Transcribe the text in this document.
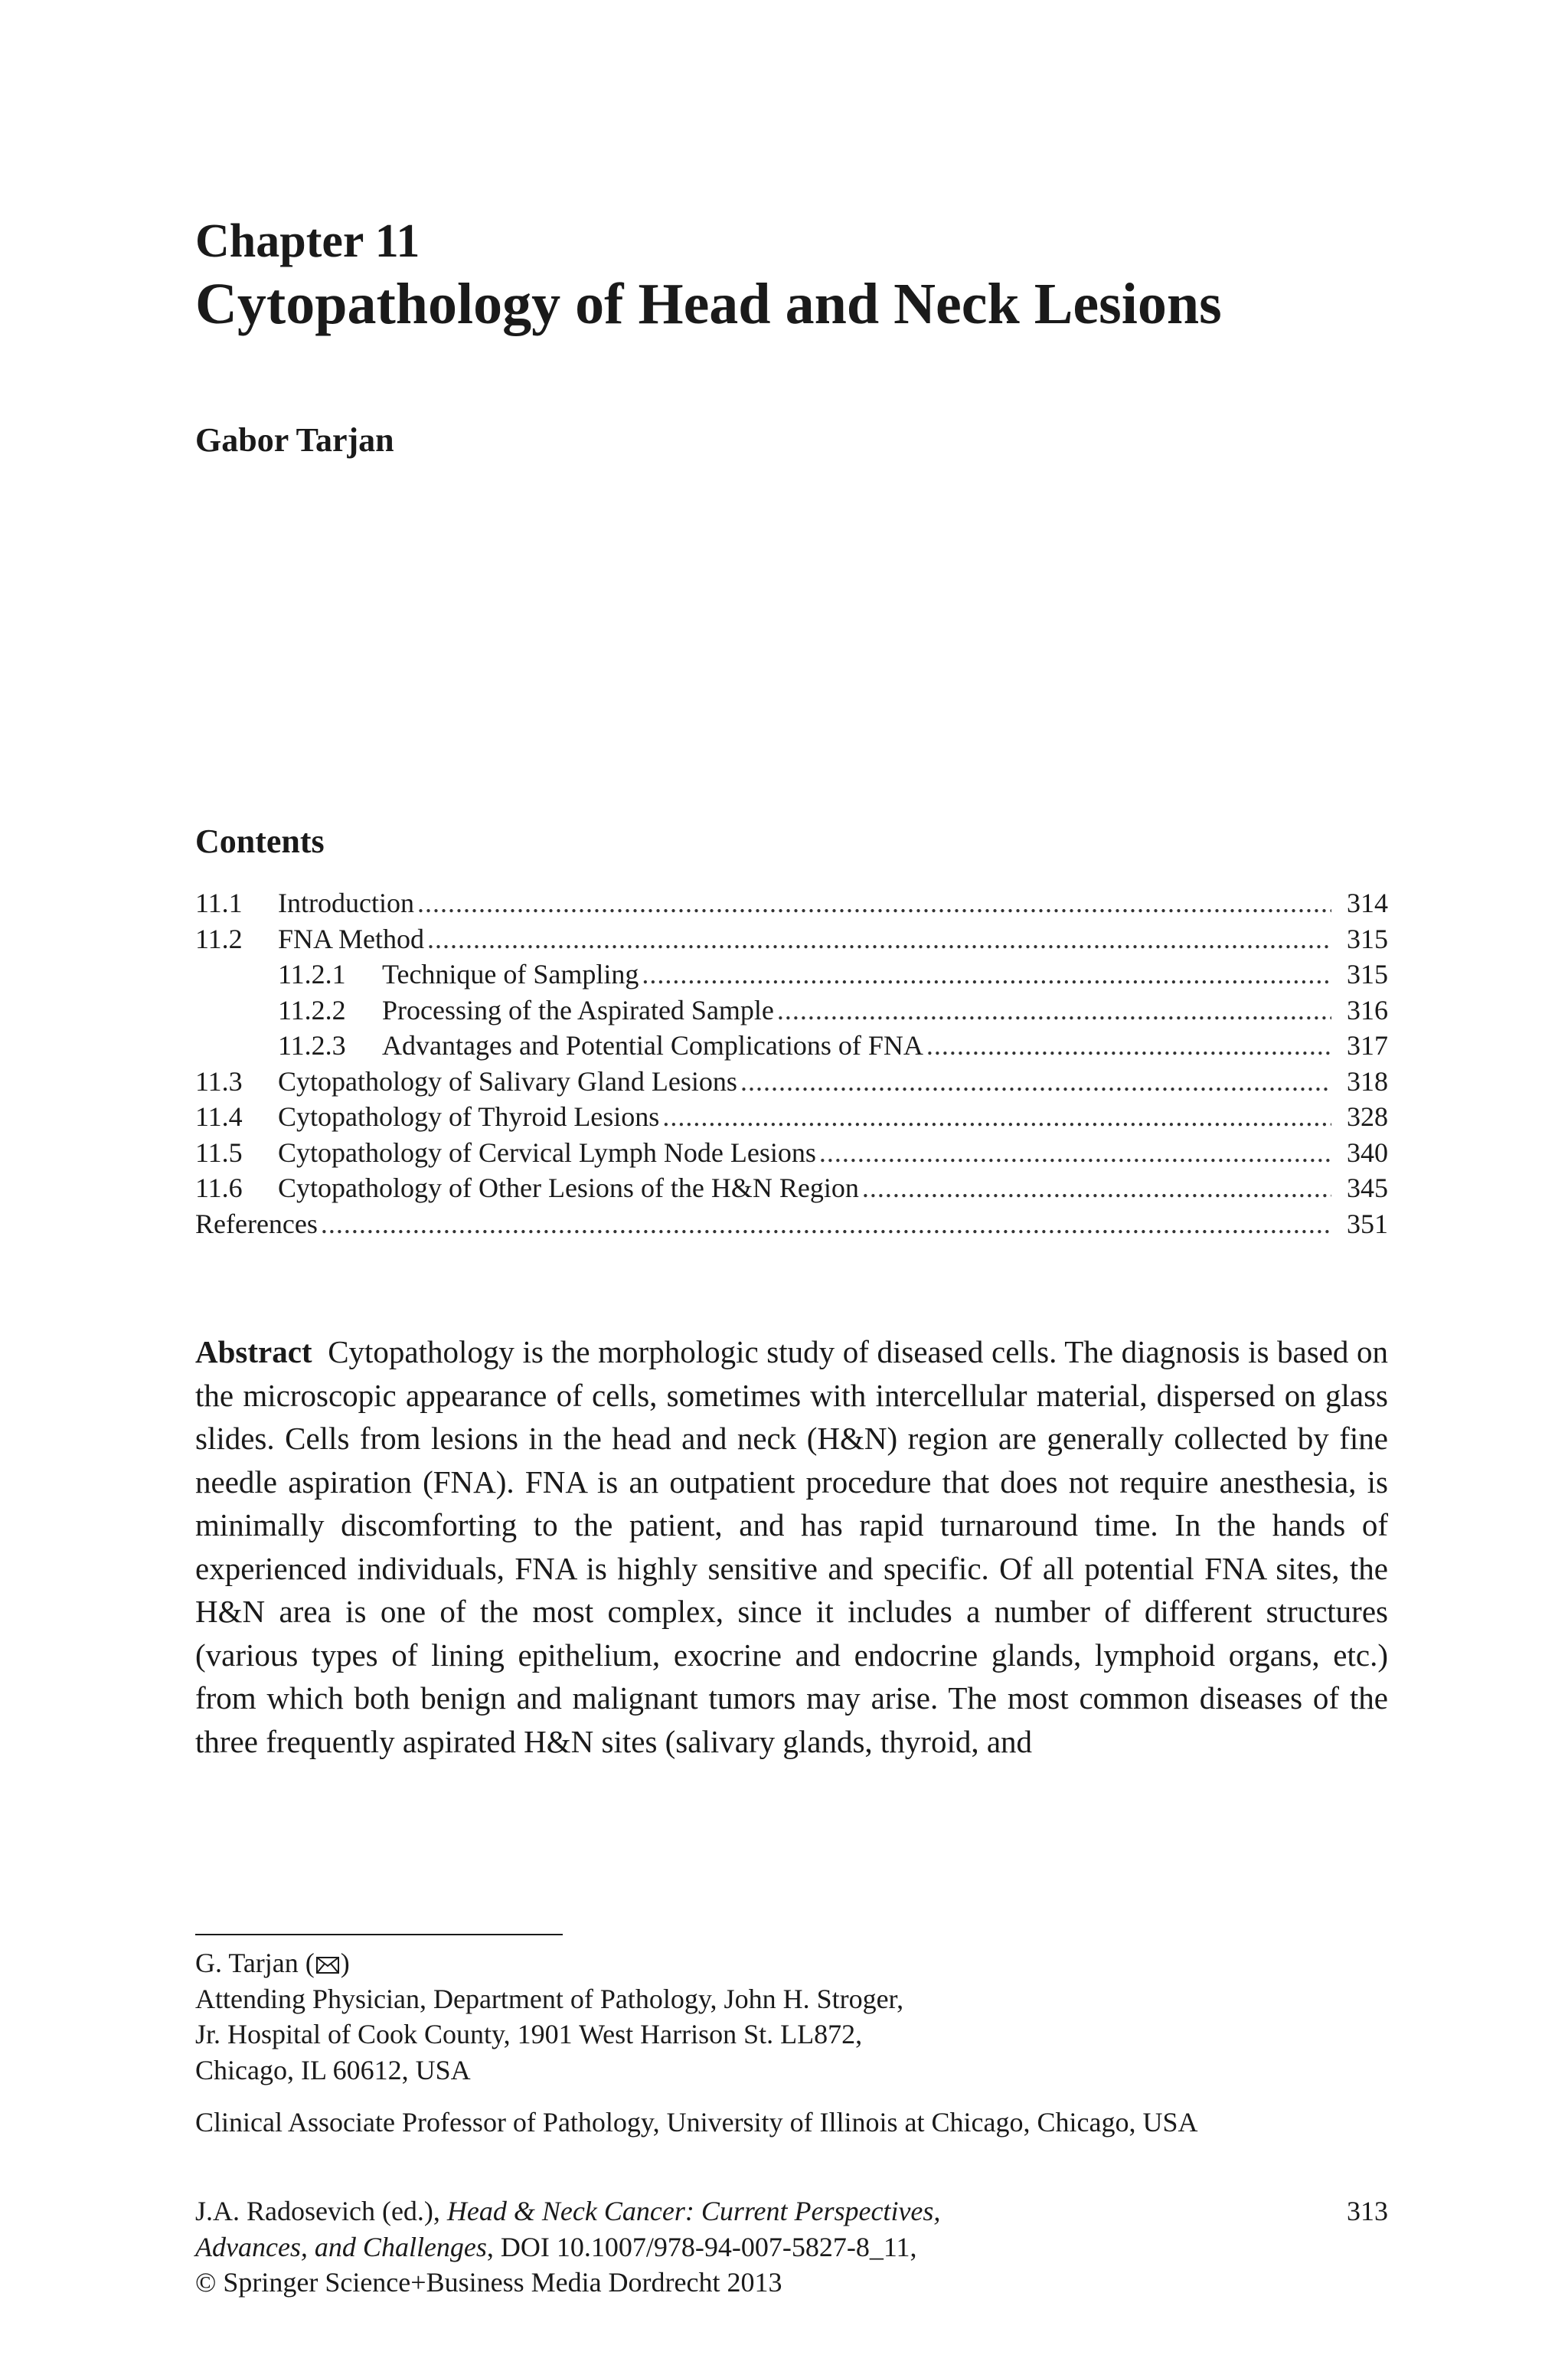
Chapter 11
Cytopathology of Head and Neck Lesions
Gabor Tarjan
Contents
11.1	Introduction .....	314
11.2	FNA Method .....	315
11.2.1	Technique of Sampling .....	315
11.2.2	Processing of the Aspirated Sample .....	316
11.2.3	Advantages and Potential Complications of FNA .....	317
11.3	Cytopathology of Salivary Gland Lesions .....	318
11.4	Cytopathology of Thyroid Lesions .....	328
11.5	Cytopathology of Cervical Lymph Node Lesions .....	340
11.6	Cytopathology of Other Lesions of the H&N Region .....	345
References .....	351
Abstract Cytopathology is the morphologic study of diseased cells. The diagnosis is based on the microscopic appearance of cells, sometimes with intercellular material, dispersed on glass slides. Cells from lesions in the head and neck (H&N) region are generally collected by fine needle aspiration (FNA). FNA is an outpatient procedure that does not require anesthesia, is minimally discomforting to the patient, and has rapid turnaround time. In the hands of experienced individuals, FNA is highly sensitive and specific. Of all potential FNA sites, the H&N area is one of the most complex, since it includes a number of different structures (various types of lining epithelium, exocrine and endocrine glands, lymphoid organs, etc.) from which both benign and malignant tumors may arise. The most common diseases of the three frequently aspirated H&N sites (salivary glands, thyroid, and

G. Tarjan ( )

Attending Physician, Department of Pathology, John H. Stroger,

Jr. Hospital of Cook County, 1901 West Harrison St. LL872,

Chicago, IL 60612, USA

Clinical Associate Professor of Pathology, University of Illinois at Chicago, Chicago, USA

J.A. Radosevich (ed.), Head & Neck Cancer: Current Perspectives,

Advances, and Challenges, DOI 10.1007/978-94-007-5827-8_11,

© Springer Science+Business Media Dordrecht 2013

313
